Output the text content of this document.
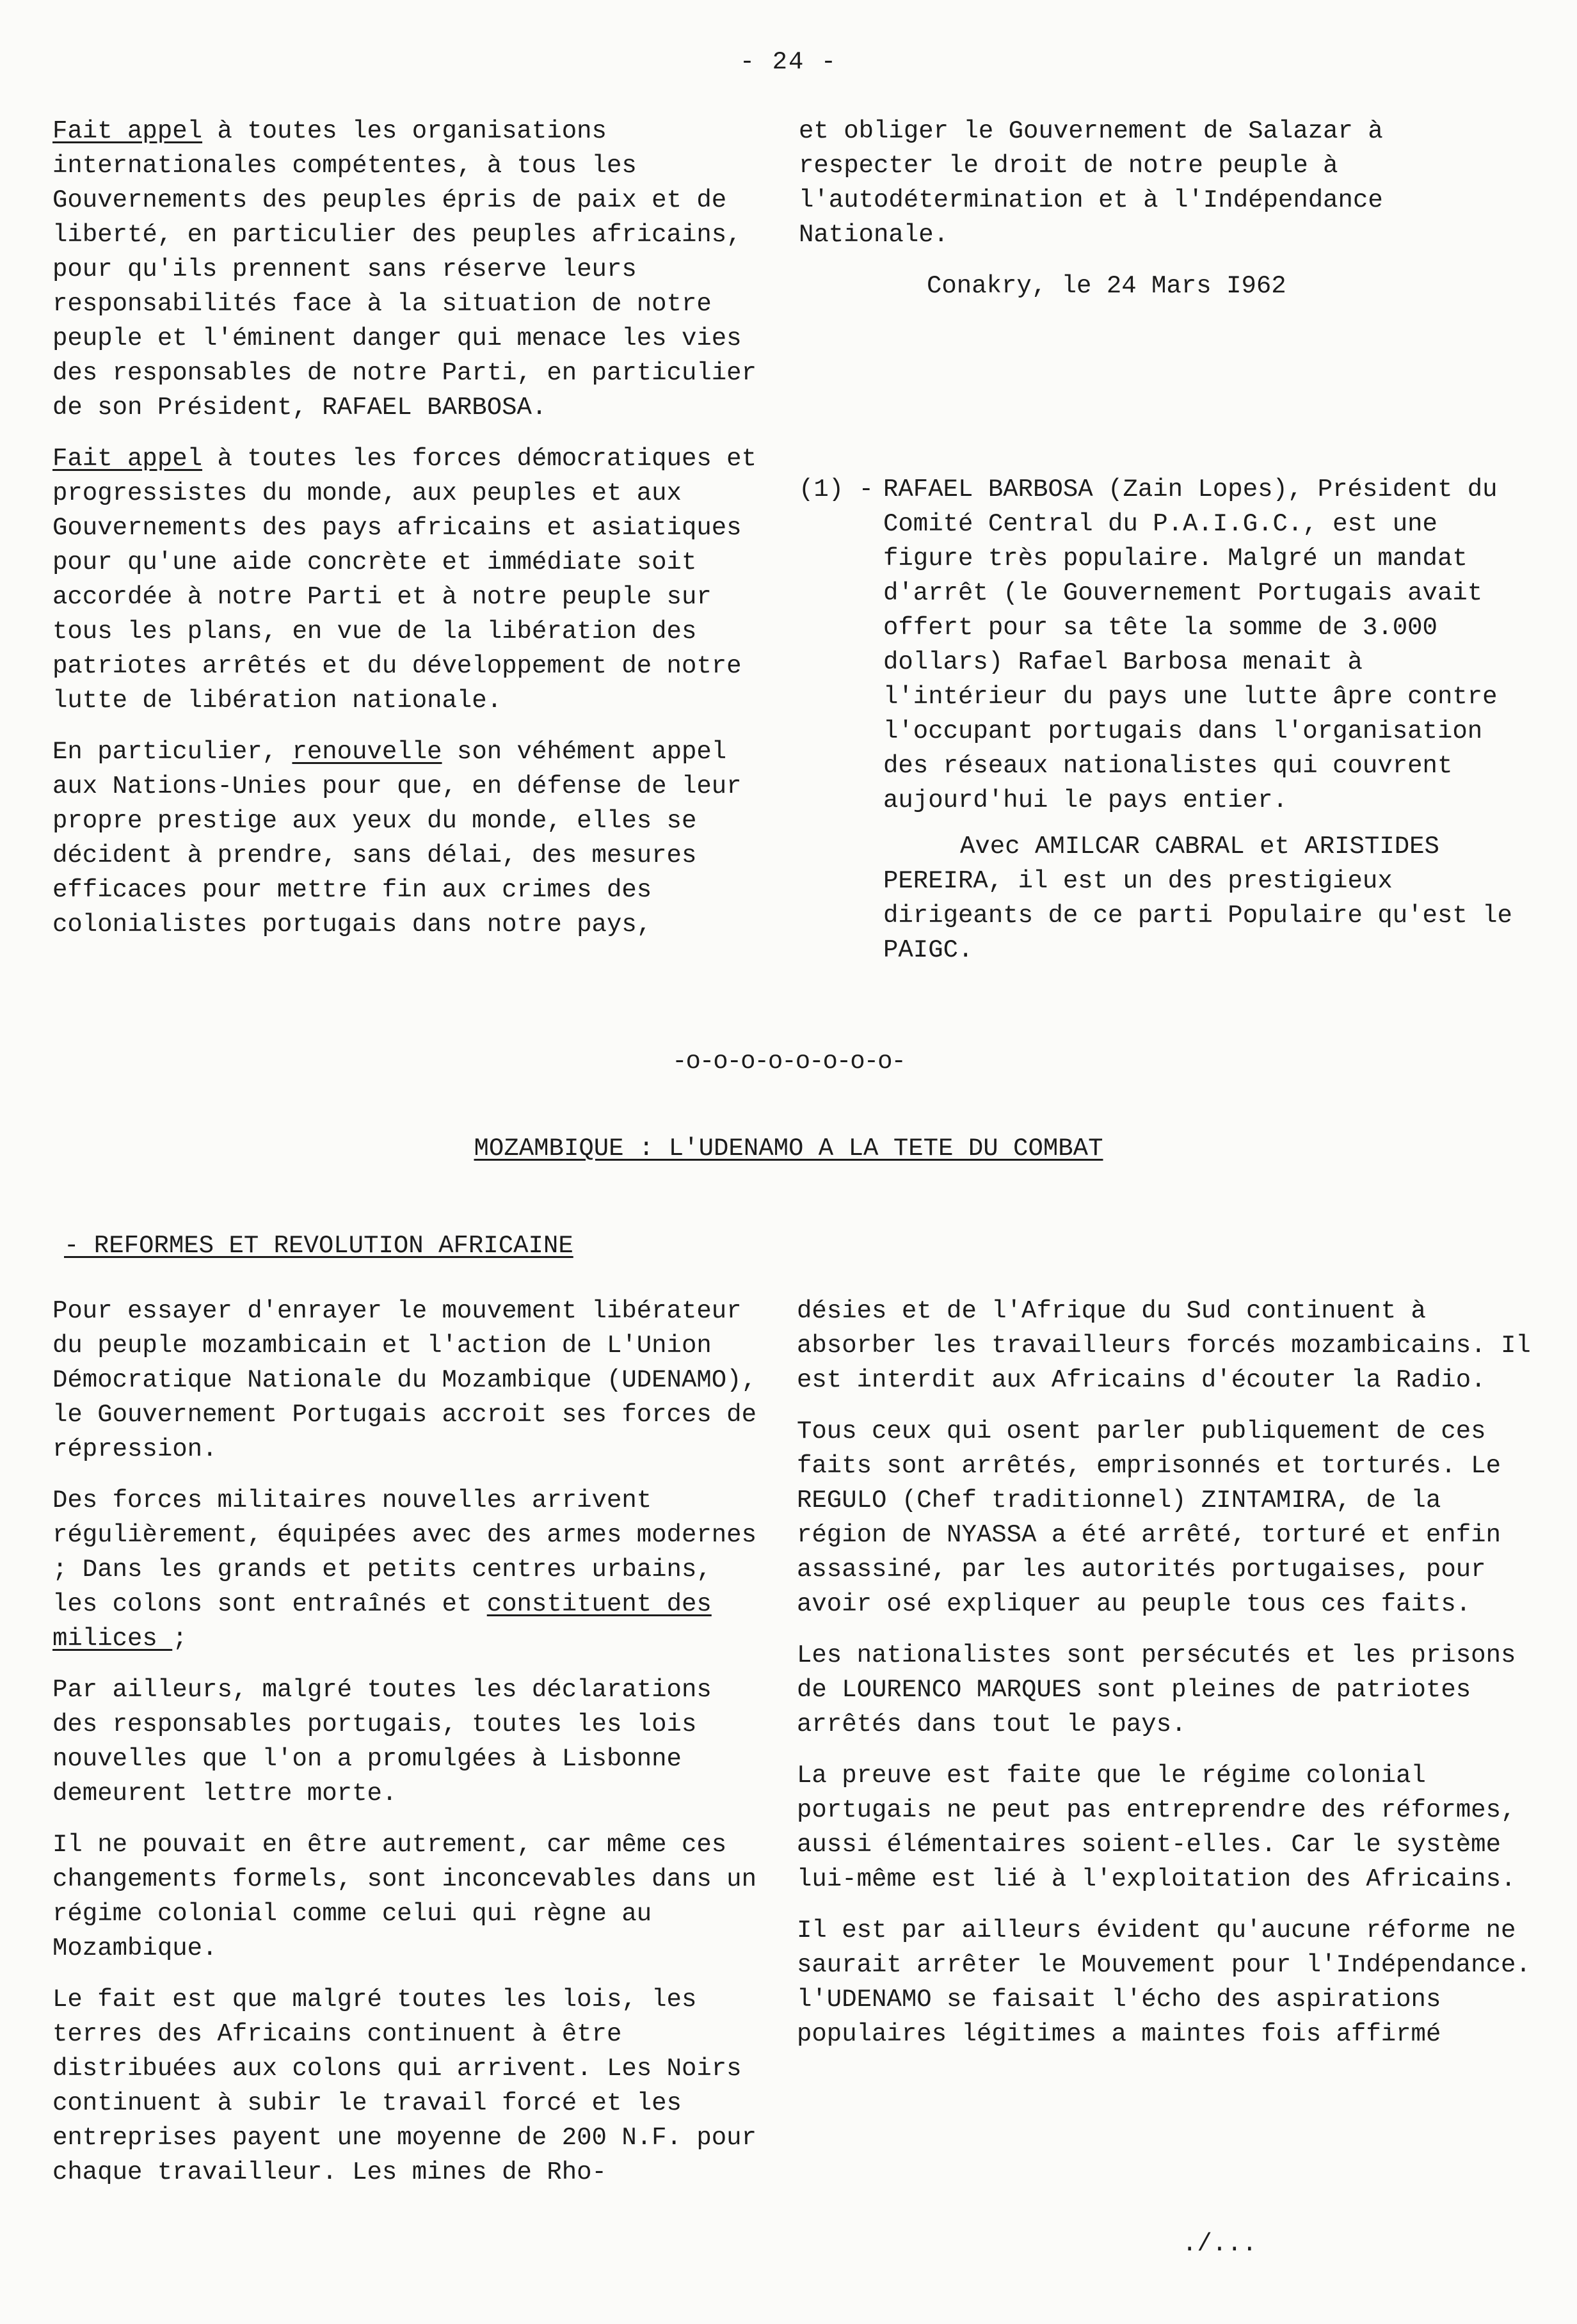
- 24 -

Fait appel à toutes les organisations internationales compétentes, à tous les Gouvernements des peuples épris de paix et de liberté, en particulier des peuples africains, pour qu'ils prennent sans réserve leurs responsabilités face à la situation de notre peuple et l'éminent danger qui menace les vies des responsables de notre Parti, en particulier de son Président, RAFAEL BARBOSA.

Fait appel à toutes les forces démocratiques et progressistes du monde, aux peuples et aux Gouvernements des pays africains et asiatiques pour qu'une aide concrète et immédiate soit accordée à notre Parti et à notre peuple sur tous les plans, en vue de la libération des patriotes arrêtés et du développement de notre lutte de libération nationale.

En particulier, renouvelle son véhément appel aux Nations-Unies pour que, en défense de leur propre prestige aux yeux du monde, elles se décident à prendre, sans délai, des mesures efficaces pour mettre fin aux crimes des colonialistes portugais dans notre pays,

et obliger le Gouvernement de Salazar à respecter le droit de notre peuple à l'autodétermination et à l'Indépendance Nationale.

Conakry, le 24 Mars I962

(1) - RAFAEL BARBOSA (Zain Lopes), Président du Comité Central du P.A.I.G.C., est une figure très populaire. Malgré un mandat d'arrêt (le Gouvernement Portugais avait offert pour sa tête la somme de 3.000 dollars) Rafael Barbosa menait à l'intérieur du pays une lutte âpre contre l'occupant portugais dans l'organisation des réseaux nationalistes qui couvrent aujourd'hui le pays entier.

Avec AMILCAR CABRAL et ARISTIDES PEREIRA, il est un des prestigieux dirigeants de ce parti Populaire qu'est le PAIGC.

-o-o-o-o-o-o-o-o-
MOZAMBIQUE : L'UDENAMO A LA TETE DU COMBAT
- REFORMES ET REVOLUTION AFRICAINE

Pour essayer d'enrayer le mouvement libérateur du peuple mozambicain et l'action de L'Union Démocratique Nationale du Mozambique (UDENAMO), le Gouvernement Portugais accroit ses forces de répression.

Des forces militaires nouvelles arrivent régulièrement, équipées avec des armes modernes ; Dans les grands et petits centres urbains, les colons sont entraînés et constituent des milices ;

Par ailleurs, malgré toutes les déclarations des responsables portugais, toutes les lois nouvelles que l'on a promulgées à Lisbonne demeurent lettre morte.

Il ne pouvait en être autrement, car même ces changements formels, sont inconcevables dans un régime colonial comme celui qui règne au Mozambique.

Le fait est que malgré toutes les lois, les terres des Africains continuent à être distribuées aux colons qui arrivent. Les Noirs continuent à subir le travail forcé et les entreprises payent une moyenne de 200 N.F. pour chaque travailleur. Les mines de Rho-

désies et de l'Afrique du Sud continuent à absorber les travailleurs forcés mozambicains. Il est interdit aux Africains d'écouter la Radio.

Tous ceux qui osent parler publiquement de ces faits sont arrêtés, emprisonnés et torturés. Le REGULO (Chef traditionnel) ZINTAMIRA, de la région de NYASSA a été arrêté, torturé et enfin assassiné, par les autorités portugaises, pour avoir osé expliquer au peuple tous ces faits.

Les nationalistes sont persécutés et les prisons de LOURENCO MARQUES sont pleines de patriotes arrêtés dans tout le pays.

La preuve est faite que le régime colonial portugais ne peut pas entreprendre des réformes, aussi élémentaires soient-elles. Car le système lui-même est lié à l'exploitation des Africains.

Il est par ailleurs évident qu'aucune réforme ne saurait arrêter le Mouvement pour l'Indépendance.
l'UDENAMO se faisait l'écho des aspirations populaires légitimes a maintes fois affirmé

./...
